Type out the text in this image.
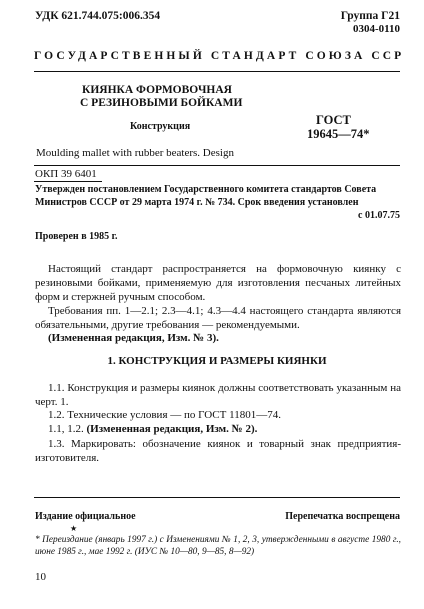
УДК 621.744.075:006.354	Группа Г21
0304-0110
ГОСУДАРСТВЕННЫЙ СТАНДАРТ СОЮЗА ССР
КИЯНКА ФОРМОВОЧНАЯ
С РЕЗИНОВЫМИ БОЙКАМИ
Конструкция	ГОСТ
19645—74*
Moulding mallet with rubber beaters. Design
ОКП 39 6401
Утвержден постановлением Государственного комитета стандартов Совета
Министров СССР от 29 марта 1974 г. № 734. Срок введения установлен
с 01.07.75
Проверен в 1985 г.

Настоящий стандарт распространяется на формовочную киянку с резиновыми бойками, применяемую для изготовления песчаных литейных форм и стержней ручным способом.

Требования пп. 1—2.1; 2.3—4.1; 4.3—4.4 настоящего стандарта являются обязательными, другие требования — рекомендуемыми.

(Измененная редакция, Изм. № 3).
1. КОНСТРУКЦИЯ И РАЗМЕРЫ КИЯНКИ

1.1. Конструкция и размеры киянок должны соответствовать указанным на черт. 1.

1.2. Технические условия — по ГОСТ 11801—74.
1.1, 1.2. (Измененная редакция, Изм. № 2).

1.3. Маркировать: обозначение киянок и товарный знак предприятия-изготовителя.

Издание официальное	Перепечатка воспрещена
★

* Переиздание (январь 1997 г.) с Изменениями № 1, 2, 3, утвержденными в августе 1980 г., июне 1985 г., мае 1992 г. (ИУС № 10—80, 9—85, 8—92)

10
